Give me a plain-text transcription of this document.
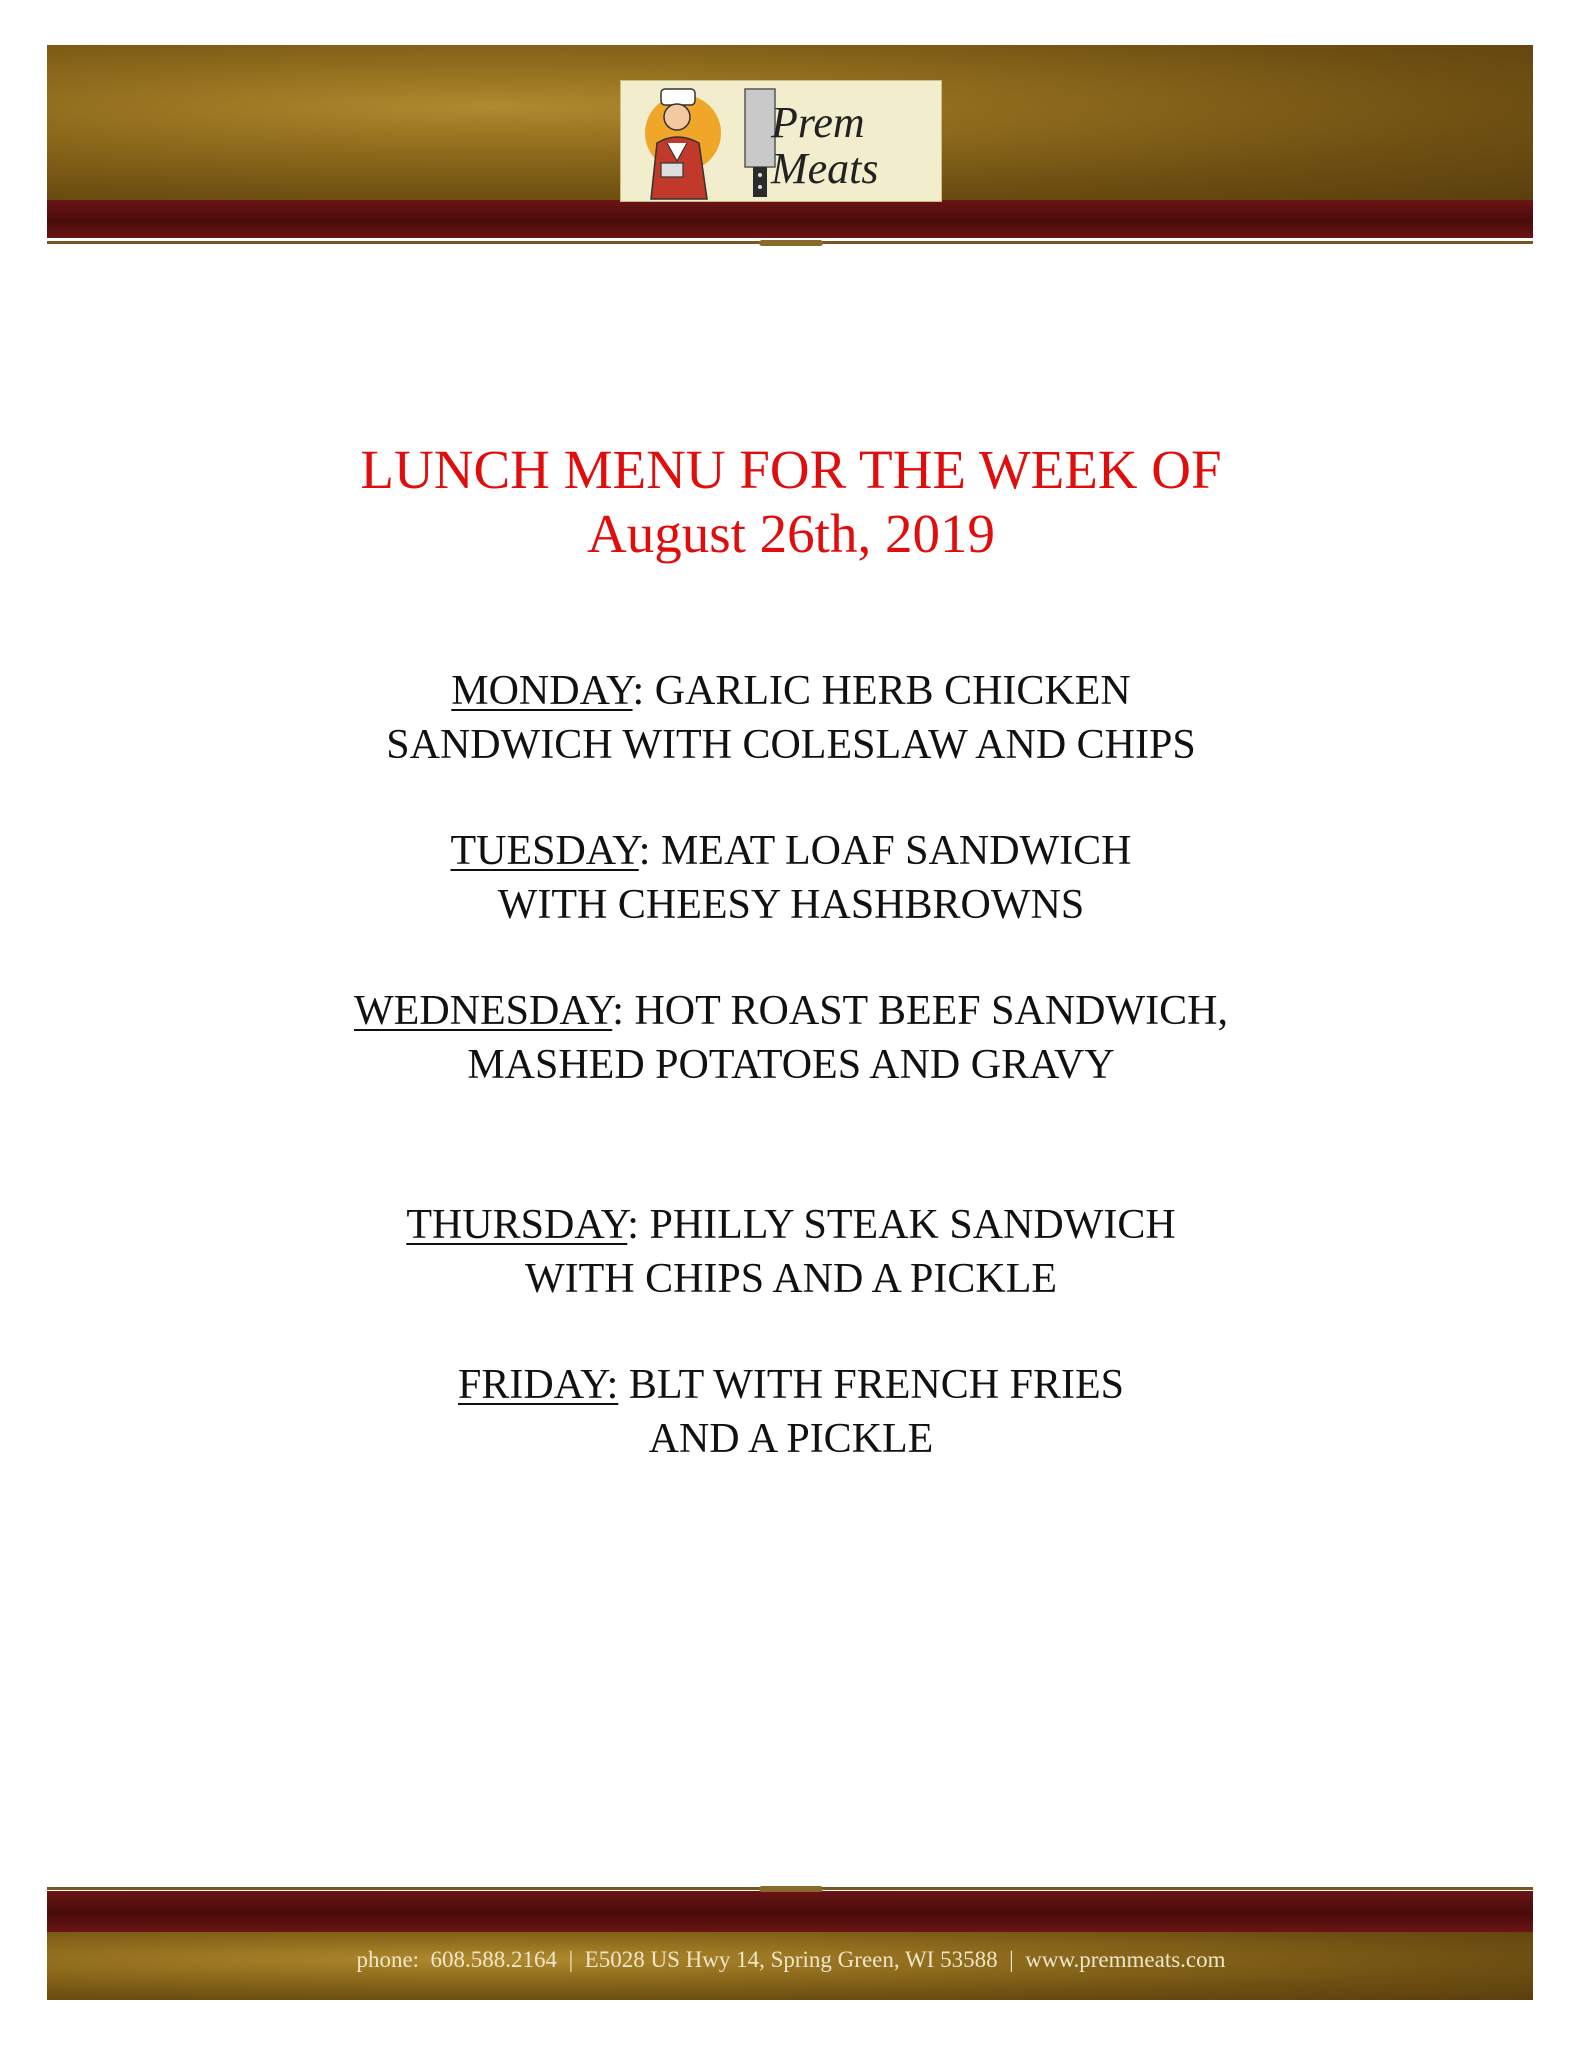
Prem
Meats
LUNCH MENU FOR THE WEEK OF
August 26th, 2019
MONDAY: GARLIC HERB CHICKEN
SANDWICH WITH COLESLAW AND CHIPS
TUESDAY: MEAT LOAF SANDWICH
WITH CHEESY HASHBROWNS
WEDNESDAY: HOT ROAST BEEF SANDWICH,
MASHED POTATOES AND GRAVY
THURSDAY: PHILLY STEAK SANDWICH
WITH CHIPS AND A PICKLE
FRIDAY: BLT WITH FRENCH FRIES
AND A PICKLE
phone:  608.588.2164  |  E5028 US Hwy 14, Spring Green, WI 53588  |  www.premmeats.com
